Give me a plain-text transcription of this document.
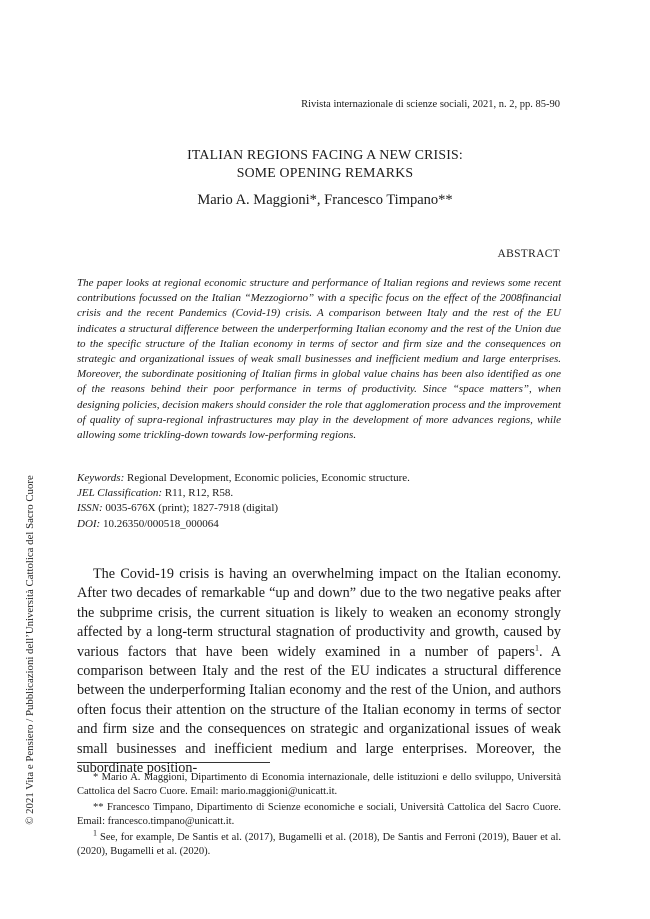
© 2021 Vita e Pensiero / Pubblicazioni dell’Università Cattolica del Sacro Cuore
Rivista internazionale di scienze sociali, 2021, n. 2, pp. 85-90
ITALIAN REGIONS FACING A NEW CRISIS:
SOME OPENING REMARKS
Mario A. Maggioni*, Francesco Timpano**
ABSTRACT
The paper looks at regional economic structure and performance of Italian regions and reviews some recent contributions focussed on the Italian “Mezzogiorno” with a specific focus on the effect of the 2008financial crisis and the recent Pandemics (Covid-19) crisis. A comparison between Italy and the rest of the EU indicates a structural difference between the underperforming Italian economy and the rest of the Union due to the specific structure of the Italian economy in terms of sector and firm size and the consequences on strategic and organizational issues of weak small businesses and inefficient medium and large enterprises. Moreover, the subordinate positioning of Italian firms in global value chains has been also identified as one of the reasons behind their poor performance in terms of productivity. Since “space matters”, when designing policies, decision makers should consider the role that agglomeration process and the improvement of quality of supra-regional infrastructures may play in the development of more advances regions, while allowing some trickling-down towards low-performing regions.
Keywords: Regional Development, Economic policies, Economic structure.
JEL Classification: R11, R12, R58.
ISSN: 0035-676X (print); 1827-7918 (digital)
DOI: 10.26350/000518_000064

The Covid-19 crisis is having an overwhelming impact on the Italian economy. After two decades of remarkable “up and down” due to the two negative peaks after the subprime crisis, the current situation is likely to weaken an economy strongly affected by a long-term structural stagnation of productivity and growth, caused by various factors that have been widely examined in a number of papers$^1$. A comparison between Italy and the rest of the EU indicates a structural difference between the underperforming Italian economy and the rest of the Union, and authors often focus their attention on the structure of the Italian economy in terms of sector and firm size and the consequences on strategic and organizational issues of weak small businesses and inefficient medium and large enterprises. Moreover, the subordinate position-

* Mario A. Maggioni, Dipartimento di Economia internazionale, delle istituzioni e dello sviluppo, Università Cattolica del Sacro Cuore. Email: mario.maggioni@unicatt.it.

** Francesco Timpano, Dipartimento di Scienze economiche e sociali, Università Cattolica del Sacro Cuore. Email: francesco.timpano@unicatt.it.

$^1$ See, for example, De Santis et al. (2017), Bugamelli et al. (2018), De Santis and Ferroni (2019), Bauer et al. (2020), Bugamelli et al. (2020).
